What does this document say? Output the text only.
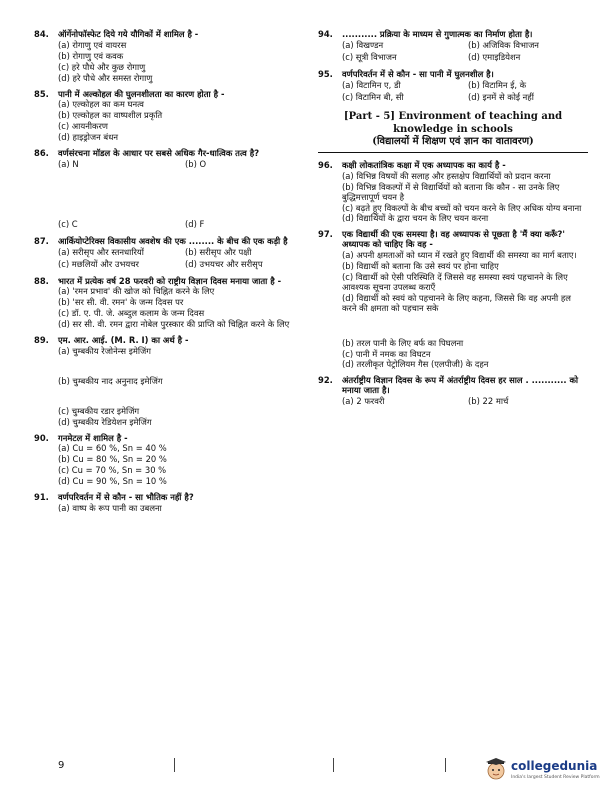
84.	ऑर्गेनोफॉस्फेट दिये गये यौगिकों में शामिल है -
(a) रोगाणु एवं वायरस
(b) रोगाणु एवं कवक
(c) हरे पौधे और कुछ रोगाणु
(d) हरे पौधे और समस्त रोगाणु
85.	पानी में अल्कोहल की घुलनशीलता का कारण होता है -
(a) एल्कोहल का कम घनत्व
(b) एल्कोहल का वाष्पशील प्रकृति
(c) आयनीकरण
(d) हाइड्रोजन बंधन
86.	वर्णसंरचना मॉडल के आधार पर सबसे अधिक गैर-धात्विक तत्व है?
(a) N	(b) O
(c) C	(d) F
87.	आर्कियोप्टेरिक्स विकासीय अवशेष की एक ........ के बीच की एक कड़ी है
(a) सरीसृप और स्तनधारियों	(b) सरीसृप और पक्षी
(c) मछलियों और उभयचर	(d) उभयचर और सरीसृप
88.	भारत में प्रत्येक वर्ष 28 फरवरी को राष्ट्रीय विज्ञान दिवस मनाया जाता है -
(a) 'रमन प्रभाव' की खोज को चिह्नित करने के लिए
(b) 'सर सी. वी. रमन' के जन्म दिवस पर
(c) डॉ. ए. पी. जे. अब्दुल कलाम के जन्म दिवस
(d) सर सी. वी. रमन द्वारा नोबेल पुरस्कार की प्राप्ति को चिह्नित करने के लिए
89.	एम. आर. आई. (M. R. I) का अर्थ है -
(a) चुम्बकीय रेजोनेन्स इमेजिंग
(b) चुम्बकीय नाद अनुनाद इमेजिंग
(c) चुम्बकीय रडार इमेजिंग
(d) चुम्बकीय रेडियेशन इमेजिंग
90.	गनमेटल में शामिल है -
(a) Cu = 60 %, Sn = 40 %
(b) Cu = 80 %, Sn = 20 %
(c) Cu = 70 %, Sn = 30 %
(d) Cu = 90 %, Sn = 10 %
91.	वर्णपरिवर्तन में से कौन - सा भौतिक नहीं है?
(a) वाष्प के रूप पानी का उबलना
94.	........... प्रक्रिया के माध्यम से गुणात्मक का निर्माण होता है।
(a) विखण्डन	(b) अजिविक विभाजन
(c) सूत्री विभाजन	(d) एमाइडियेशन
95.	वर्णपरिवर्तन में से कौन - सा पानी में घुलनशील है।
(a) विटामिन ए, डी	(b) विटामिन ई, के
(c) विटामिन बी, सी	(d) इनमें से कोई नहीं
[Part - 5] Environment of teaching and knowledge in schools
(विद्यालयों में शिक्षण एवं ज्ञान का वातावरण)
96.	कक्षी लोकतांत्रिक कक्षा में एक अध्यापक का कार्य है -
(a) विभिन्न विषयों की सलाह और हस्तक्षेप विद्यार्थियों को प्रदान करना
(b) विभिन्न विकल्पों में से विद्यार्थियों को बताना कि कौन - सा उनके लिए बुद्धिमत्तापूर्ण चयन है
(c) बढ़ते हुए विकल्पों के बीच बच्चों को चयन करने के लिए अधिक योग्य बनाना
(d) विद्यार्थियों के द्वारा चयन के लिए चयन करना
97.	एक विद्यार्थी की एक समस्या है। वह अध्यापक से पूछता है 'मैं क्या करूँ?' अध्यापक को चाहिए कि वह -
(a) अपनी क्षमताओं को ध्यान में रखते हुए विद्यार्थी की समस्या का मार्ग बताए।
(b) विद्यार्थी को बताना कि उसे स्वयं पर होना चाहिए
(c) विद्यार्थी को ऐसी परिस्थिति दें जिससे वह समस्या स्वयं पहचानने के लिए आवश्यक सूचना उपलब्ध कराएँ
(d) विद्यार्थी को स्वयं को पहचानने के लिए कहना, जिससे कि वह अपनी हल करने की क्षमता को पहचान सके
(b) तरल पानी के लिए बर्फ का पिघलना
(c) पानी में नमक का विघटन
(d) तरलीकृत पेट्रोलियम गैस (एलपीजी) के दहन
92.	अंतर्राष्ट्रीय विज्ञान दिवस के रूप में अंतर्राष्ट्रीय दिवस हर साल . ........... को मनाया जाता है।
(a) 2 फरवरी	(b) 22 मार्च
9	collegedunia
India's largest Student Review Platform
